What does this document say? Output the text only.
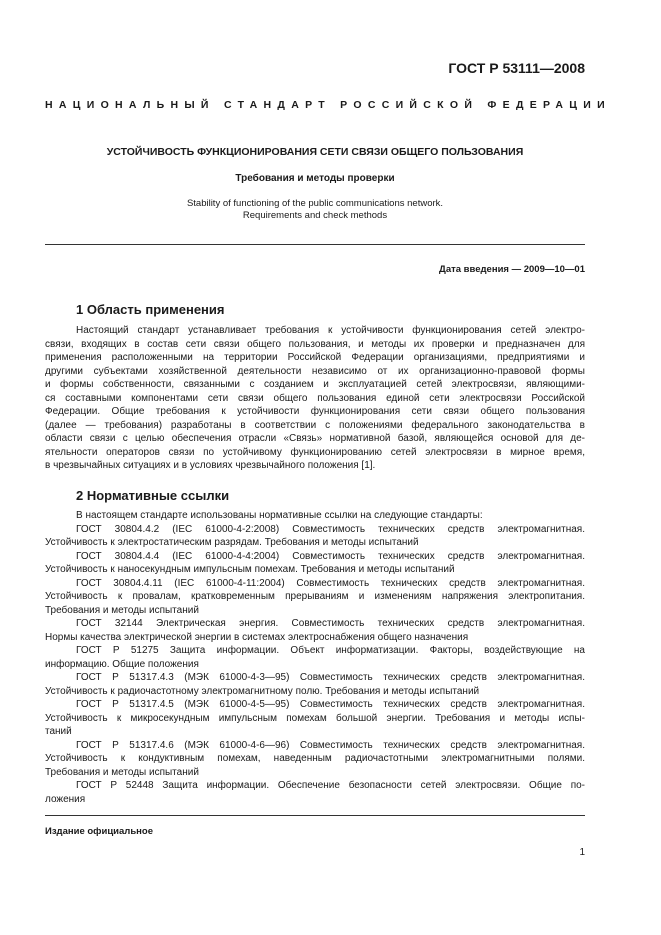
ГОСТ Р 53111—2008
НАЦИОНАЛЬНЫЙ СТАНДАРТ РОССИЙСКОЙ ФЕДЕРАЦИИ
УСТОЙЧИВОСТЬ ФУНКЦИОНИРОВАНИЯ СЕТИ СВЯЗИ ОБЩЕГО ПОЛЬЗОВАНИЯ
Требования и методы проверки
Stability of functioning of the public communications network.
Requirements and check methods
Дата введения — 2009—10—01
1 Область применения
Настоящий стандарт устанавливает требования к устойчивости функционирования сетей электро-
связи, входящих в состав сети связи общего пользования, и методы их проверки и предназначен для
применения расположенными на территории Российской Федерации организациями, предприятиями и
другими субъектами хозяйственной деятельности независимо от их организационно-правовой формы
и формы собственности, связанными с созданием и эксплуатацией сетей электросвязи, являющими-
ся составными компонентами сети связи общего пользования единой сети электросвязи Российской
Федерации. Общие требования к устойчивости функционирования сети связи общего пользования
(далее — требования) разработаны в соответствии с положениями федерального законодательства в
области связи с целью обеспечения отрасли «Связь» нормативной базой, являющейся основой для де-
ятельности операторов связи по устойчивому функционированию сетей электросвязи в мирное время,
в чрезвычайных ситуациях и в условиях чрезвычайного положения [1].
2 Нормативные ссылки
В настоящем стандарте использованы нормативные ссылки на следующие стандарты:
ГОСТ 30804.4.2 (IEC 61000-4-2:2008) Совместимость технических средств электромагнитная.
Устойчивость к электростатическим разрядам. Требования и методы испытаний
ГОСТ 30804.4.4 (IEC 61000-4-4:2004) Совместимость технических средств электромагнитная.
Устойчивость к наносекундным импульсным помехам. Требования и методы испытаний
ГОСТ 30804.4.11 (IEC 61000-4-11:2004) Совместимость технических средств электромагнитная.
Устойчивость к провалам, кратковременным прерываниям и изменениям напряжения электропитания.
Требования и методы испытаний
ГОСТ 32144 Электрическая энергия. Совместимость технических средств электромагнитная.
Нормы качества электрической энергии в системах электроснабжения общего назначения
ГОСТ Р 51275 Защита информации. Объект информатизации. Факторы, воздействующие на
информацию. Общие положения
ГОСТ Р 51317.4.3 (МЭК 61000-4-3—95) Совместимость технических средств электромагнитная.
Устойчивость к радиочастотному электромагнитному полю. Требования и методы испытаний
ГОСТ Р 51317.4.5 (МЭК 61000-4-5—95) Совместимость технических средств электромагнитная.
Устойчивость к микросекундным импульсным помехам большой энергии. Требования и методы испы-
таний
ГОСТ Р 51317.4.6 (МЭК 61000-4-6—96) Совместимость технических средств электромагнитная.
Устойчивость к кондуктивным помехам, наведенным радиочастотными электромагнитными полями.
Требования и методы испытаний
ГОСТ Р 52448 Защита информации. Обеспечение безопасности сетей электросвязи. Общие по-
ложения
Издание официальное
1
